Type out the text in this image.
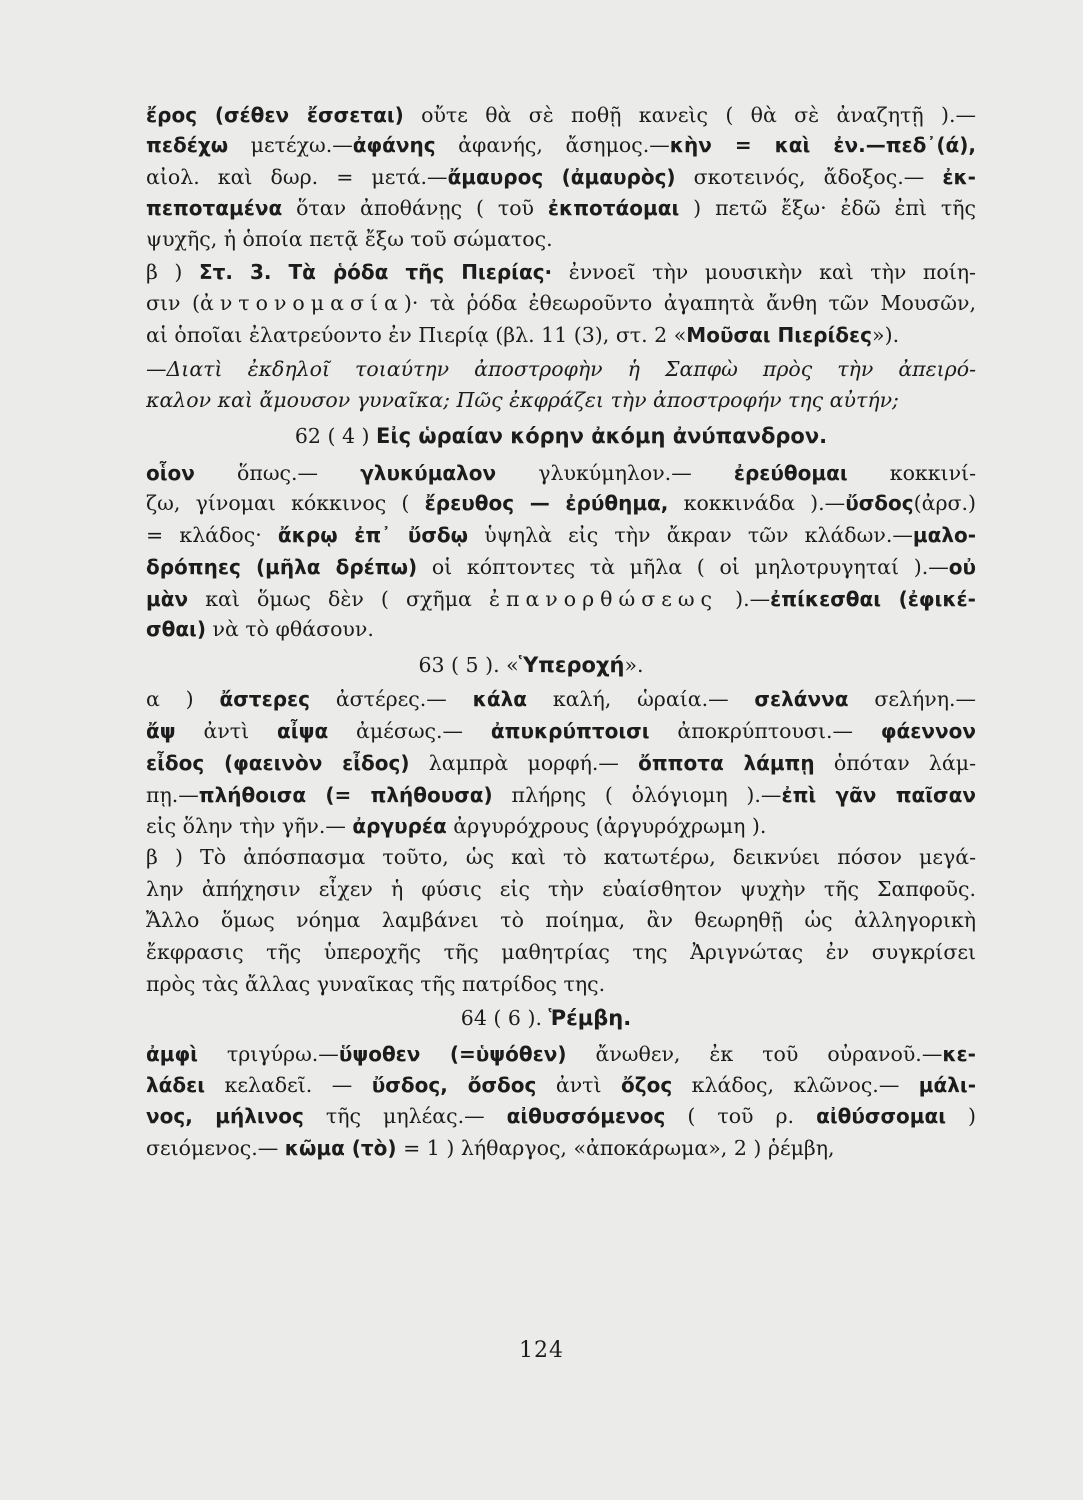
ἔρος (σέθεν ἔσσεται) οὔτε θὰ σὲ ποθῇ κανεὶς ( θὰ σὲ ἀναζητῇ ).—
πεδέχω μετέχω.—ἀφάνης ἀφανής, ἄσημος.—κὴν = καὶ ἐν.—πεδ᾿(ά),
αἰολ. καὶ δωρ. = μετά.—ἄμαυρος (ἀμαυρὸς) σκοτεινός, ἄδοξος.— ἐκ-
πεποταμένα ὅταν ἀποθάνῃς ( τοῦ ἐκποτάομαι ) πετῶ ἔξω· ἐδῶ ἐπὶ τῆς
ψυχῆς, ἡ ὁποία πετᾷ ἔξω τοῦ σώματος.
β ) Στ. 3. Τὰ ῥόδα τῆς Πιερίας· ἐννοεῖ τὴν μουσικὴν καὶ τὴν ποίη-
σιν (ἀντονομασία)· τὰ ῥόδα ἐθεωροῦντο ἀγαπητὰ ἄνθη τῶν Μουσῶν,
αἱ ὁποῖαι ἐλατρεύοντο ἐν Πιερίᾳ (βλ. 11 (3), στ. 2 «Μοῦσαι Πιερίδες»).
—Διατὶ ἐκδηλοῖ τοιαύτην ἀποστροφὴν ἡ Σαπφὼ πρὸς τὴν ἀπειρό-
καλον καὶ ἄμουσον γυναῖκα; Πῶς ἐκφράζει τὴν ἀποστροφήν της αὐτήν;
62 ( 4 ) Εἰς ὡραίαν κόρην ἀκόμη ἀνύπανδρον.
οἷον ὅπως.— γλυκύμαλον γλυκύμηλον.— ἐρεύθομαι κοκκινί-
ζω, γίνομαι κόκκινος ( ἔρευθος — ἐρύθημα, κοκκινάδα ).—ὔσδος(ἀρσ.)
= κλάδος· ἄκρῳ ἐπ᾿ ὔσδῳ ὑψηλὰ εἰς τὴν ἄκραν τῶν κλάδων.—μαλο-
δρόπηες (μῆλα δρέπω) οἱ κόπτοντες τὰ μῆλα ( οἱ μηλοτρυγηταί ).—οὐ
μὰν καὶ ὅμως δὲν ( σχῆμα ἐπανορθώσεως ).—ἐπίκεσθαι (ἐφικέ-
σθαι) νὰ τὸ φθάσουν.
63 ( 5 ). «Ὑπεροχή».
α ) ἄστερες ἀστέρες.— κάλα καλή, ὡραία.— σελάννα σελήνη.—
ἄψ ἀντὶ αἶψα ἀμέσως.— ἀπυκρύπτοισι ἀποκρύπτουσι.— φάεννον
εἶδος (φαεινὸν εἶδος) λαμπρὰ μορφή.— ὄπποτα λάμπῃ ὁπόταν λάμ-
πῃ.—πλήθοισα (= πλήθουσα) πλήρης ( ὁλόγιομη ).—ἐπὶ γᾶν παῖσαν
εἰς ὅλην τὴν γῆν.— ἀργυρέα ἀργυρόχρους (ἀργυρόχρωμη ).
β ) Τὸ ἀπόσπασμα τοῦτο, ὡς καὶ τὸ κατωτέρω, δεικνύει πόσον μεγά-
λην ἀπήχησιν εἶχεν ἡ φύσις εἰς τὴν εὐαίσθητον ψυχὴν τῆς Σαπφοῦς.
Ἄλλο ὅμως νόημα λαμβάνει τὸ ποίημα, ἂν θεωρηθῇ ὡς ἀλληγορικὴ
ἔκφρασις τῆς ὑπεροχῆς τῆς μαθητρίας της Ἀριγνώτας ἐν συγκρίσει
πρὸς τὰς ἄλλας γυναῖκας τῆς πατρίδος της.
64 ( 6 ). Ῥέμβη.
ἀμφὶ τριγύρω.—ὕψοθεν (=ὑψόθεν) ἄνωθεν, ἐκ τοῦ οὐρανοῦ.—κε-
λάδει κελαδεῖ. — ὔσδος, ὄσδος ἀντὶ ὄζος κλάδος, κλῶνος.— μάλι-
νος, μήλινος τῆς μηλέας.— αἰθυσσόμενος ( τοῦ ρ. αἰθύσσομαι )
σειόμενος.— κῶμα (τὸ) = 1 ) λήθαργος, «ἀποκάρωμα», 2 ) ῥέμβη,
124
